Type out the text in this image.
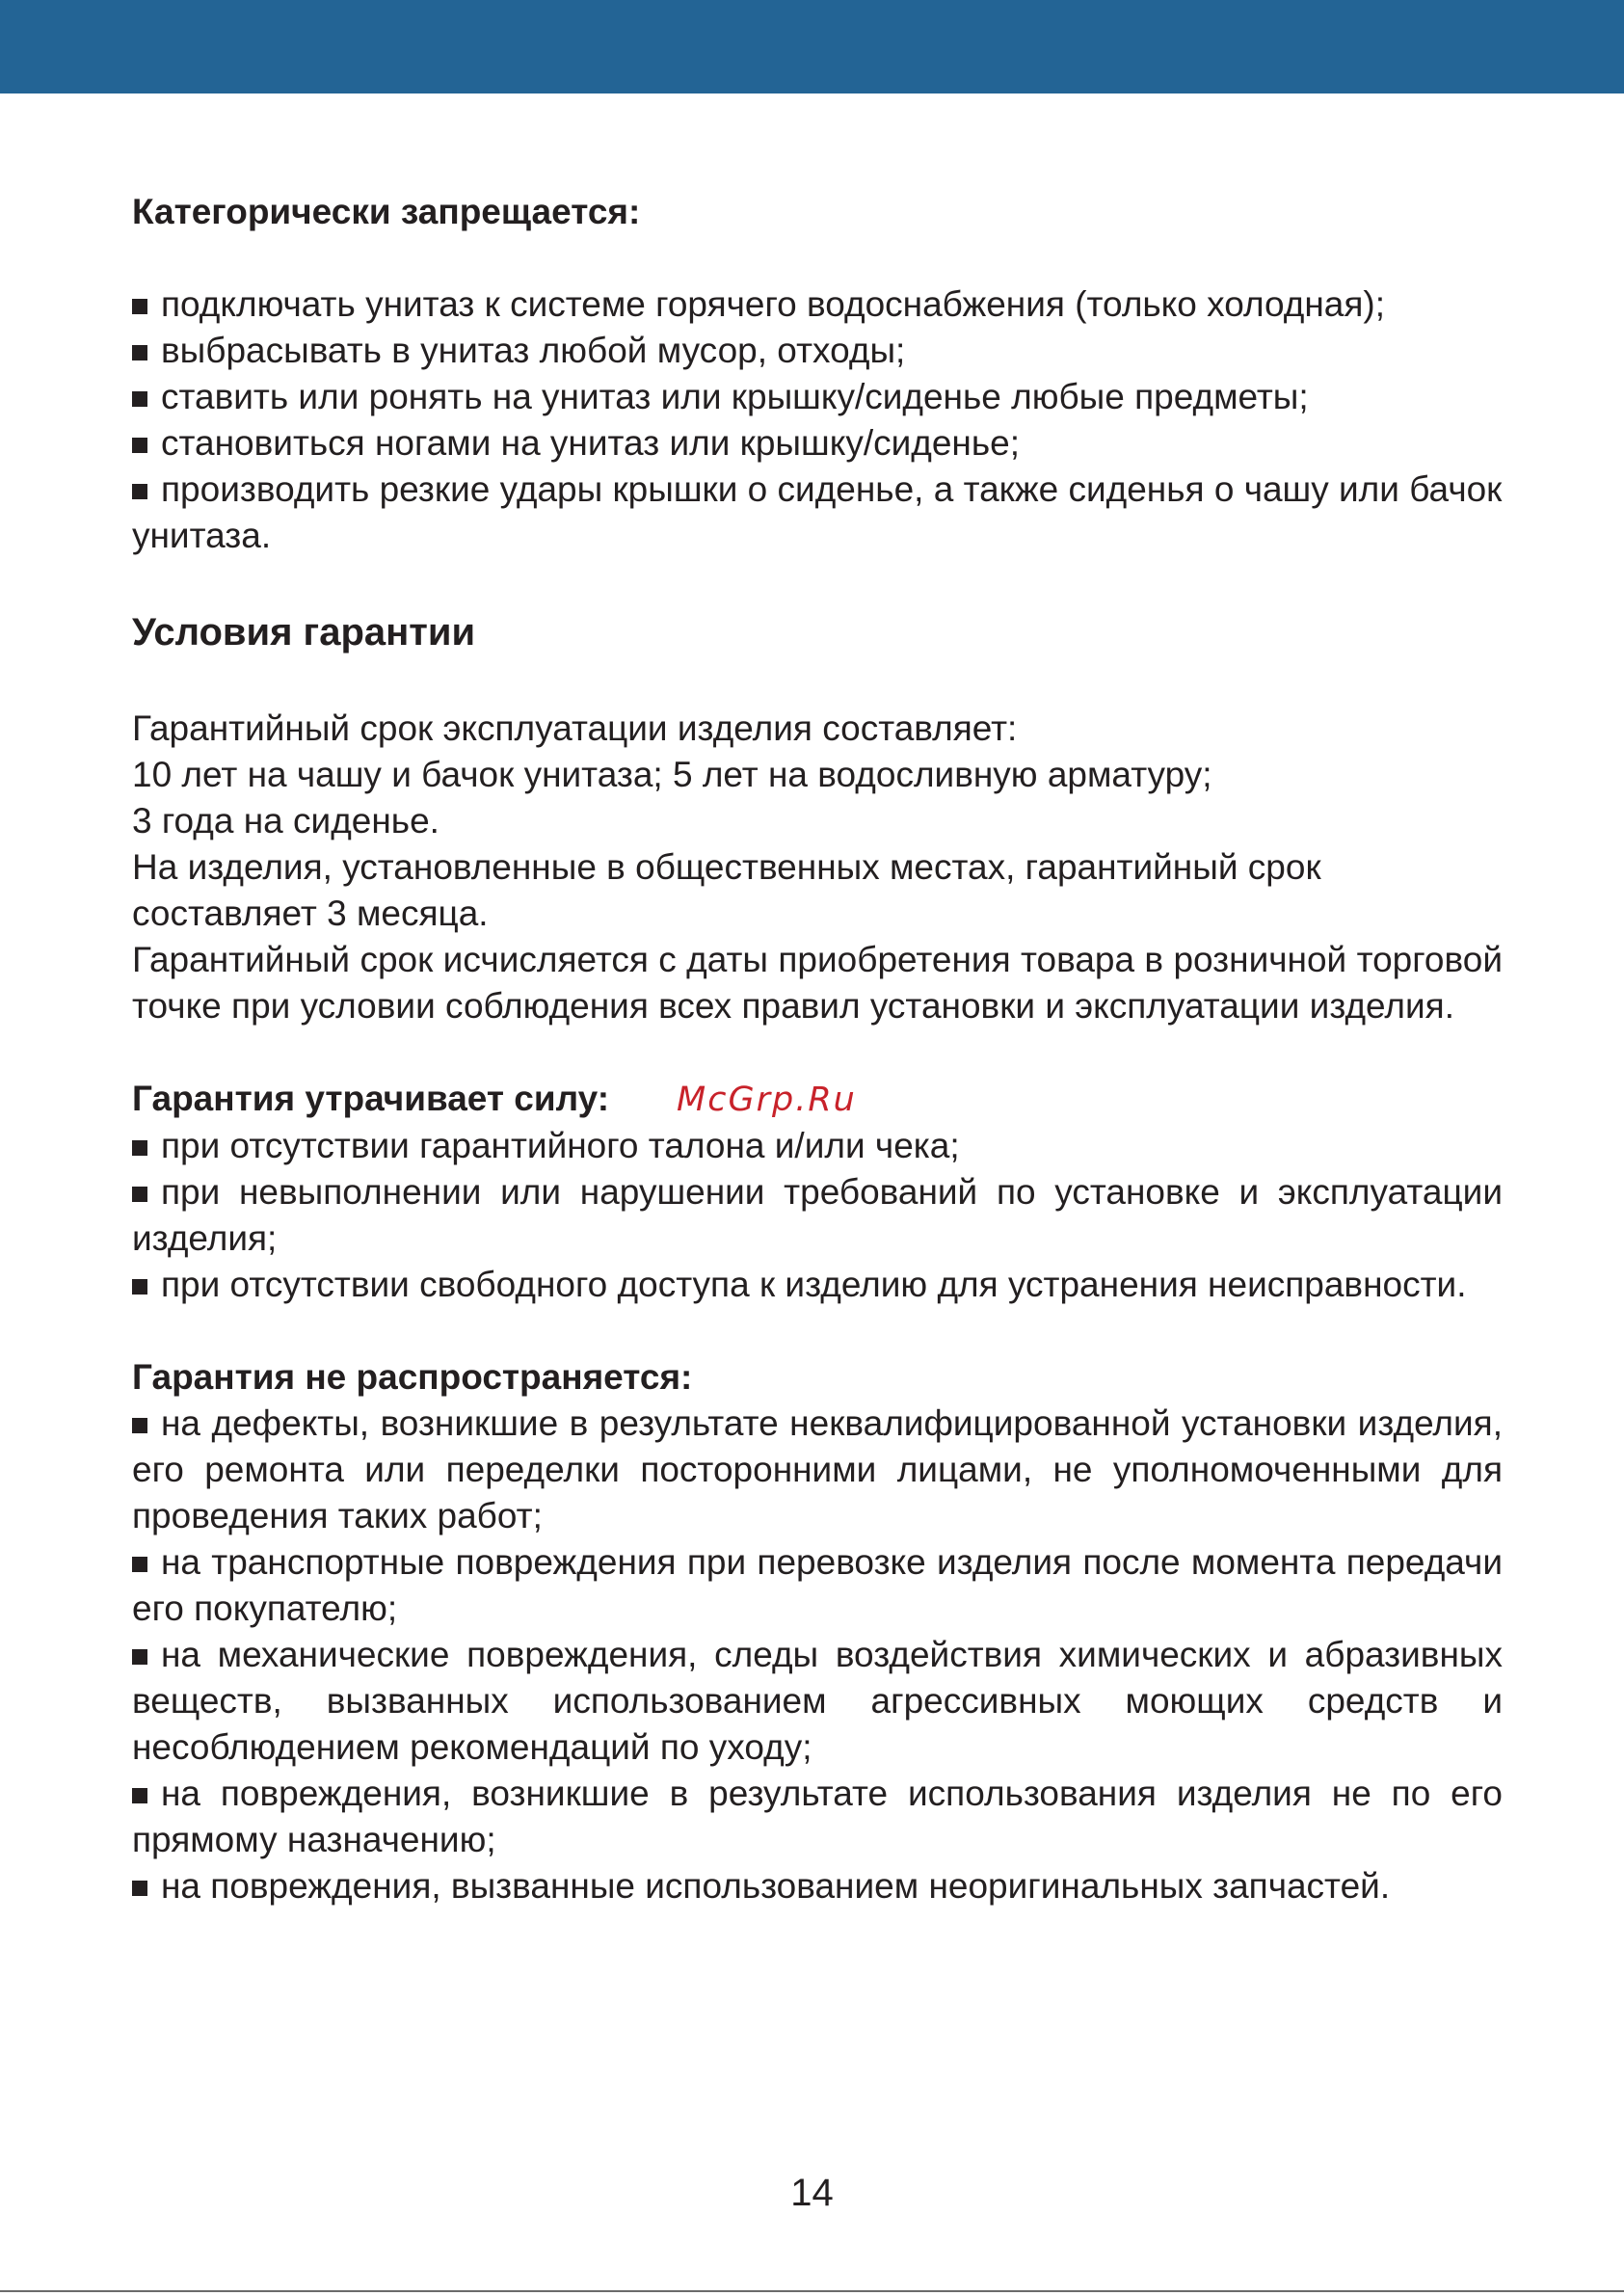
Категорически запрещается:
подключать унитаз к системе горячего водоснабжения (только холодная);
выбрасывать в унитаз любой мусор, отходы;
ставить или ронять на унитаз или крышку/сиденье любые предметы;
становиться ногами на унитаз или крышку/сиденье;
производить резкие удары крышки о сиденье, а также сиденья о чашу или бачок унитаза.
Условия гарантии
Гарантийный срок эксплуатации изделия составляет:
10 лет на чашу и бачок унитаза; 5 лет на водосливную арматуру;
3 года на сиденье.
На изделия, установленные в общественных местах, гарантийный срок составляет 3 месяца.
Гарантийный срок исчисляется с даты приобретения товара в розничной торговой точке при условии соблюдения всех правил установки и эксплуатации изделия.
Гарантия утрачивает силу: McGrp.Ru
при отсутствии гарантийного талона и/или чека;
при невыполнении или нарушении требований по установке и эксплуатации изделия;
при отсутствии свободного доступа к изделию для устранения неисправности.
Гарантия не распространяется:
на дефекты, возникшие в результате неквалифицированной установки изделия, его ремонта или переделки посторонними лицами, не уполномоченными для проведения таких работ;
на транспортные повреждения при перевозке изделия после момента передачи его покупателю;
на механические повреждения, следы воздействия химических и абразивных веществ, вызванных использованием агрессивных моющих средств и несоблюдением рекомендаций по уходу;
на повреждения, возникшие в результате использования изделия не по его прямому назначению;
на повреждения, вызванные использованием неоригинальных запчастей.
14
